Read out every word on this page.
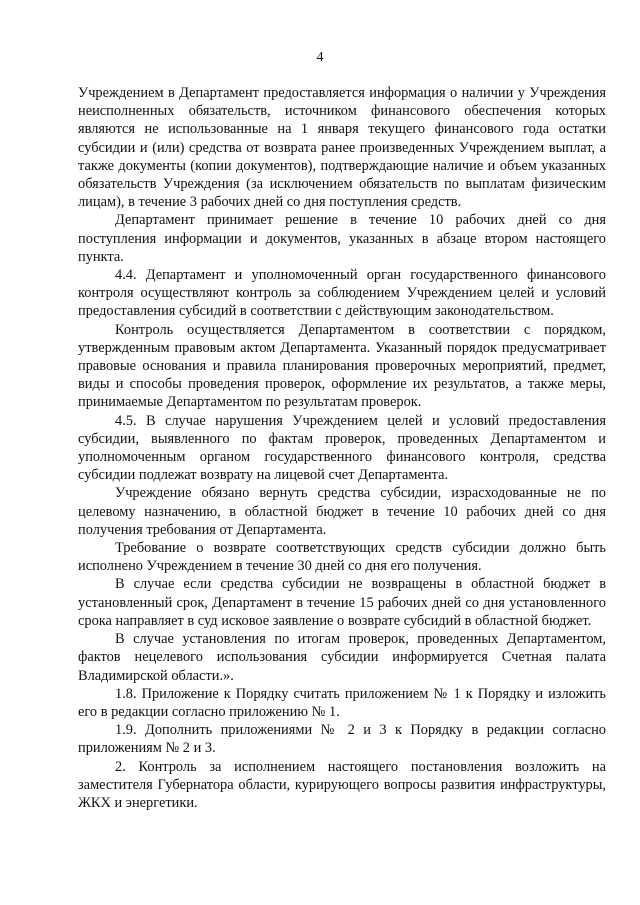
4

Учреждением в Департамент предоставляется информация о наличии у Учреждения неисполненных обязательств, источником финансового обеспечения которых являются не использованные на 1 января текущего финансового года остатки субсидии и (или) средства от возврата ранее произведенных Учреждением выплат, а также документы (копии документов), подтверждающие наличие и объем указанных обязательств Учреждения (за исключением обязательств по выплатам физическим лицам), в течение 3 рабочих дней со дня поступления средств.

Департамент принимает решение в течение 10 рабочих дней со дня поступления информации и документов, указанных в абзаце втором настоящего пункта.

4.4. Департамент и уполномоченный орган государственного финансового контроля осуществляют контроль за соблюдением Учреждением целей и условий предоставления субсидий в соответствии с действующим законодательством.

Контроль осуществляется Департаментом в соответствии с порядком, утвержденным правовым актом Департамента. Указанный порядок предусматривает правовые основания и правила планирования проверочных мероприятий, предмет, виды и способы проведения проверок, оформление их результатов, а также меры, принимаемые Департаментом по результатам проверок.

4.5. В случае нарушения Учреждением целей и условий предоставления субсидии, выявленного по фактам проверок, проведенных Департаментом и уполномоченным органом государственного финансового контроля, средства субсидии подлежат возврату на лицевой счет Департамента.

Учреждение обязано вернуть средства субсидии, израсходованные не по целевому назначению, в областной бюджет в течение 10 рабочих дней со дня получения требования от Департамента.

Требование о возврате соответствующих средств субсидии должно быть исполнено Учреждением в течение 30 дней со дня его получения.

В случае если средства субсидии не возвращены в областной бюджет в установленный срок, Департамент в течение 15 рабочих дней со дня установленного срока направляет в суд исковое заявление о возврате субсидий в областной бюджет.

В случае установления по итогам проверок, проведенных Департаментом, фактов нецелевого использования субсидии информируется Счетная палата Владимирской области.».

1.8. Приложение к Порядку считать приложением № 1 к Порядку и изложить его в редакции согласно приложению № 1.

1.9. Дополнить приложениями № 2 и 3 к Порядку в редакции согласно приложениям № 2 и 3.

2. Контроль за исполнением настоящего постановления возложить на заместителя Губернатора области, курирующего вопросы развития инфраструктуры, ЖКХ и энергетики.
